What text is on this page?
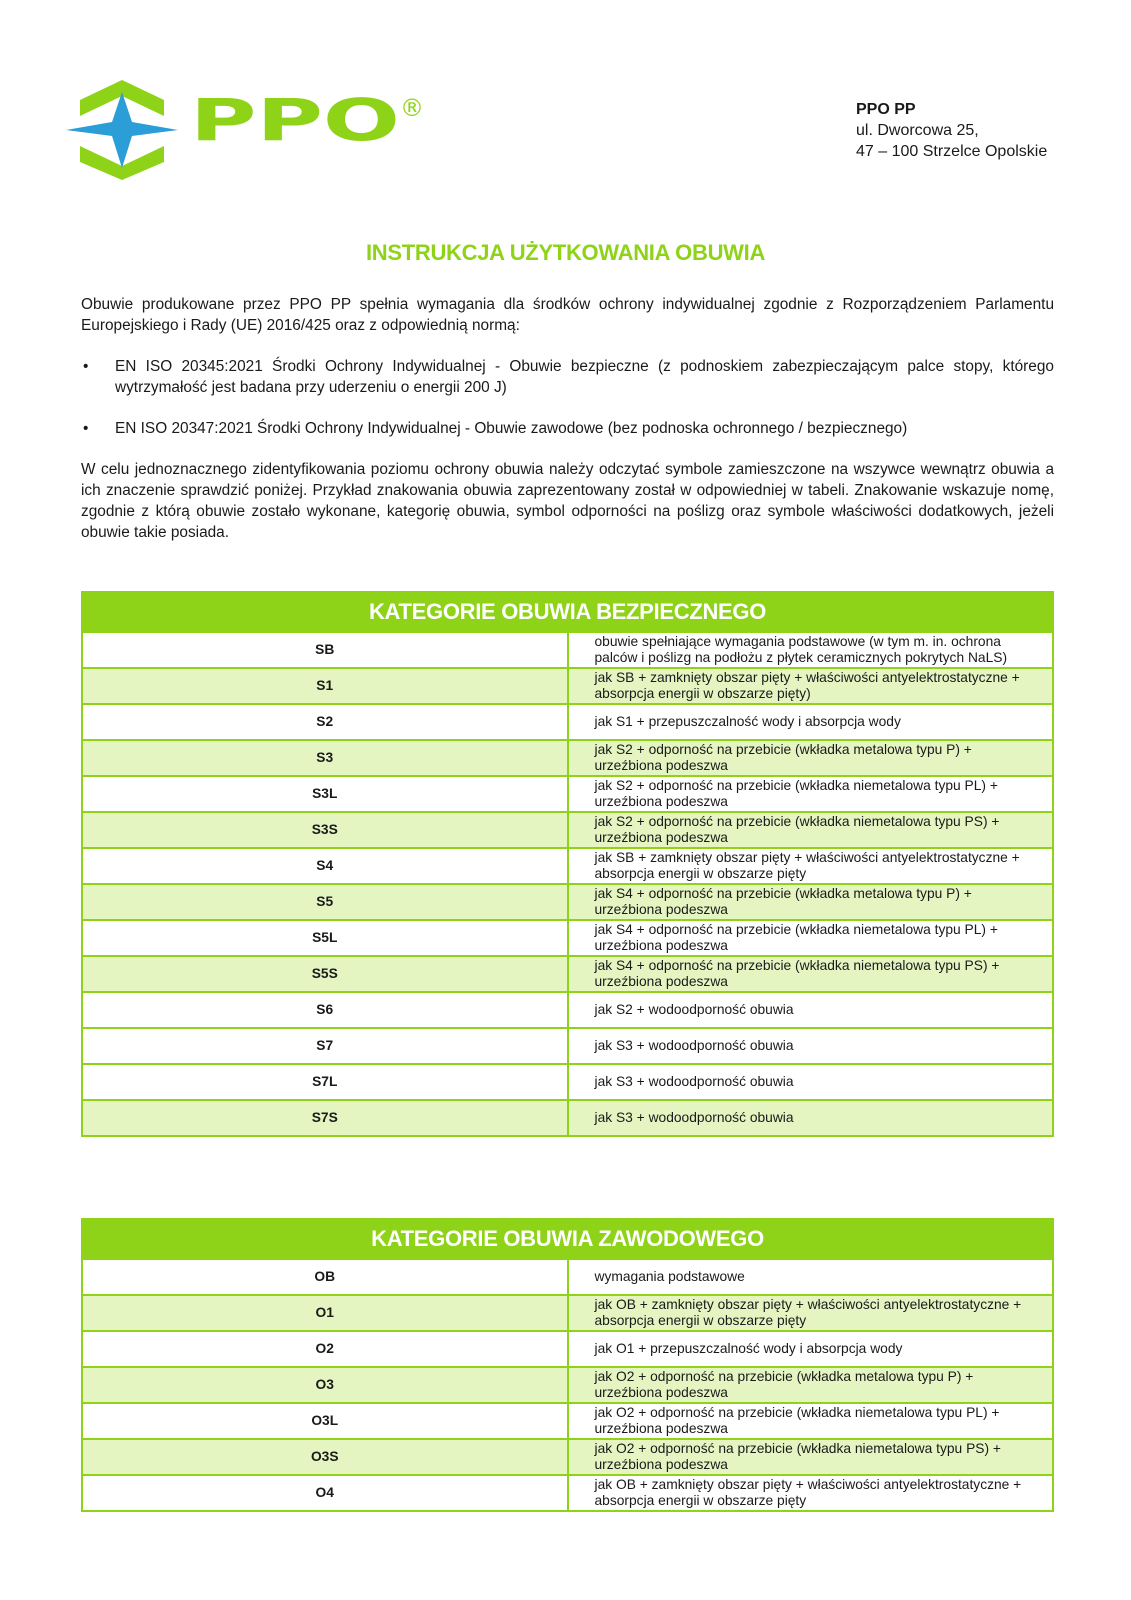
PPO ®	PPO PP
ul. Dworcowa 25,
47 – 100 Strzelce Opolskie
INSTRUKCJA UŻYTKOWANIA OBUWIA
Obuwie produkowane przez PPO PP spełnia wymagania dla środków ochrony indywidualnej zgodnie z Rozporządzeniem Parlamentu Europejskiego i Rady (UE) 2016/425 oraz z odpowiednią normą:
• EN ISO 20345:2021 Środki Ochrony Indywidualnej - Obuwie bezpieczne (z podnoskiem zabezpieczającym palce stopy, którego wytrzymałość jest badana przy uderzeniu o energii 200 J)
• EN ISO 20347:2021 Środki Ochrony Indywidualnej - Obuwie zawodowe (bez podnoska ochronnego / bezpiecznego)
W celu jednoznacznego zidentyfikowania poziomu ochrony obuwia należy odczytać symbole zamieszczone na wszywce wewnątrz obuwia a ich znaczenie sprawdzić poniżej. Przykład znakowania obuwia zaprezentowany został w odpowiedniej w tabeli. Znakowanie wskazuje nomę, zgodnie z którą obuwie zostało wykonane, kategorię obuwia, symbol odporności na poślizg oraz symbole właściwości dodatkowych, jeżeli obuwie takie posiada.
KATEGORIE OBUWIA BEZPIECZNEGO	
SB	obuwie spełniające wymagania podstawowe (w tym m. in. ochrona palców i poślizg na podłożu z płytek ceramicznych pokrytych NaLS)
S1	jak SB + zamknięty obszar pięty + właściwości antyelektrostatyczne + absorpcja energii w obszarze pięty)
S2	jak S1 + przepuszczalność wody i absorpcja wody
S3	jak S2 + odporność na przebicie (wkładka metalowa typu P) + urzeźbiona podeszwa
S3L	jak S2 + odporność na przebicie (wkładka niemetalowa typu PL) + urzeźbiona podeszwa
S3S	jak S2 + odporność na przebicie (wkładka niemetalowa typu PS) + urzeźbiona podeszwa
S4	jak SB + zamknięty obszar pięty + właściwości antyelektrostatyczne + absorpcja energii w obszarze pięty
S5	jak S4 + odporność na przebicie (wkładka metalowa typu P) + urzeźbiona podeszwa
S5L	jak S4 + odporność na przebicie (wkładka niemetalowa typu PL) + urzeźbiona podeszwa
S5S	jak S4 + odporność na przebicie (wkładka niemetalowa typu PS) + urzeźbiona podeszwa
S6	jak S2 + wodoodporność obuwia
S7	jak S3 + wodoodporność obuwia
S7L	jak S3 + wodoodporność obuwia
S7S	jak S3 + wodoodporność obuwia
KATEGORIE OBUWIA ZAWODOWEGO	
OB	wymagania podstawowe
O1	jak OB + zamknięty obszar pięty + właściwości antyelektrostatyczne + absorpcja energii w obszarze pięty
O2	jak O1 + przepuszczalność wody i absorpcja wody
O3	jak O2 + odporność na przebicie (wkładka metalowa typu P) + urzeźbiona podeszwa
O3L	jak O2 + odporność na przebicie (wkładka niemetalowa typu PL) + urzeźbiona podeszwa
O3S	jak O2 + odporność na przebicie (wkładka niemetalowa typu PS) + urzeźbiona podeszwa
O4	jak OB + zamknięty obszar pięty + właściwości antyelektrostatyczne + absorpcja energii w obszarze pięty
